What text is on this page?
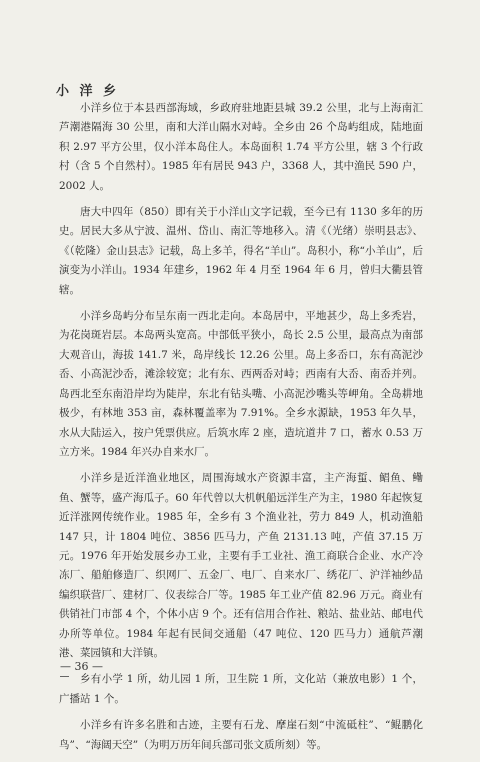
小 洋 乡

小洋乡位于本县西部海域，乡政府驻地距县城 39.2 公里，北与上海南汇芦潮港隔海 30 公里，南和大洋山隔水对峙。全乡由 26 个岛屿组成，陆地面积 2.97 平方公里，仅小洋本岛住人。本岛面积 1.74 平方公里，辖 3 个行政村（含 5 个自然村）。1985 年有居民 943 户，3368 人，其中渔民 590 户，2002 人。

唐大中四年（850）即有关于小洋山文字记载，至今已有 1130 多年的历史。居民大多从宁波、温州、岱山、南汇等地移入。清《（光绪）崇明县志》、《（乾隆）金山县志》记载，岛上多羊，得名“羊山”。岛积小，称“小羊山”，后演变为小洋山。1934 年建乡，1962 年 4 月至 1964 年 6 月，曾归大衢县管辖。

小洋乡岛屿分布呈东南一西北走向。本岛居中，平地甚少，岛上多秃岩，为花岗斑岩层。本岛两头宽高。中部低平狭小，岛长 2.5 公里，最高点为南部大观音山，海拔 141.7 米，岛岸线长 12.26 公里。岛上多岙口，东有高泥沙岙、小高泥沙岙，滩涂较宽；北有东、西两岙对峙；西南有大岙、南岙并列。岛西北至东南沿岸均为陡岸，东北有钻头嘴、小高泥沙嘴头等岬角。全岛耕地极少，有林地 353 亩，森林覆盖率为 7.91%。全乡水源缺，1953 年久旱，水从大陆运入，按户凭票供应。后筑水库 2 座，造坑道井 7 口，蓄水 0.53 万立方米。1984 年兴办自来水厂。

小洋乡是近洋渔业地区，周围海域水产资源丰富，主产海蜇、鲳鱼、鳓鱼、蟹等，盛产海瓜子。60 年代曾以大机帆船远洋生产为主，1980 年起恢复近洋涨网传统作业。1985 年，全乡有 3 个渔业社，劳力 849 人，机动渔船 147 只，计 1804 吨位、3856 匹马力，产鱼 2131.13 吨，产值 37.15 万元。1976 年开始发展乡办工业，主要有手工业社、渔工商联合企业、水产冷冻厂、船舶修造厂、织网厂、五金厂、电厂、自来水厂、绣花厂、沪洋袖纱品编织联营厂、建材厂、仪表综合厂等。1985 年工业产值 82.96 万元。商业有供销社门市部 4 个，个体小店 9 个。还有信用合作社、粮站、盐业站、邮电代办所等单位。1984 年起有民间交通船（47 吨位、120 匹马力）通航芦潮港、菜园镇和大洋镇。

乡有小学 1 所，幼儿园 1 所，卫生院 1 所，文化站（兼放电影）1 个，广播站 1 个。

小洋乡有许多名胜和古迹，主要有石龙、摩崖石刻“中流砥柱”、“鲲鹏化鸟”、“海阔天空”（为明万历年间兵部司张文质所刻）等。

— 36 —
